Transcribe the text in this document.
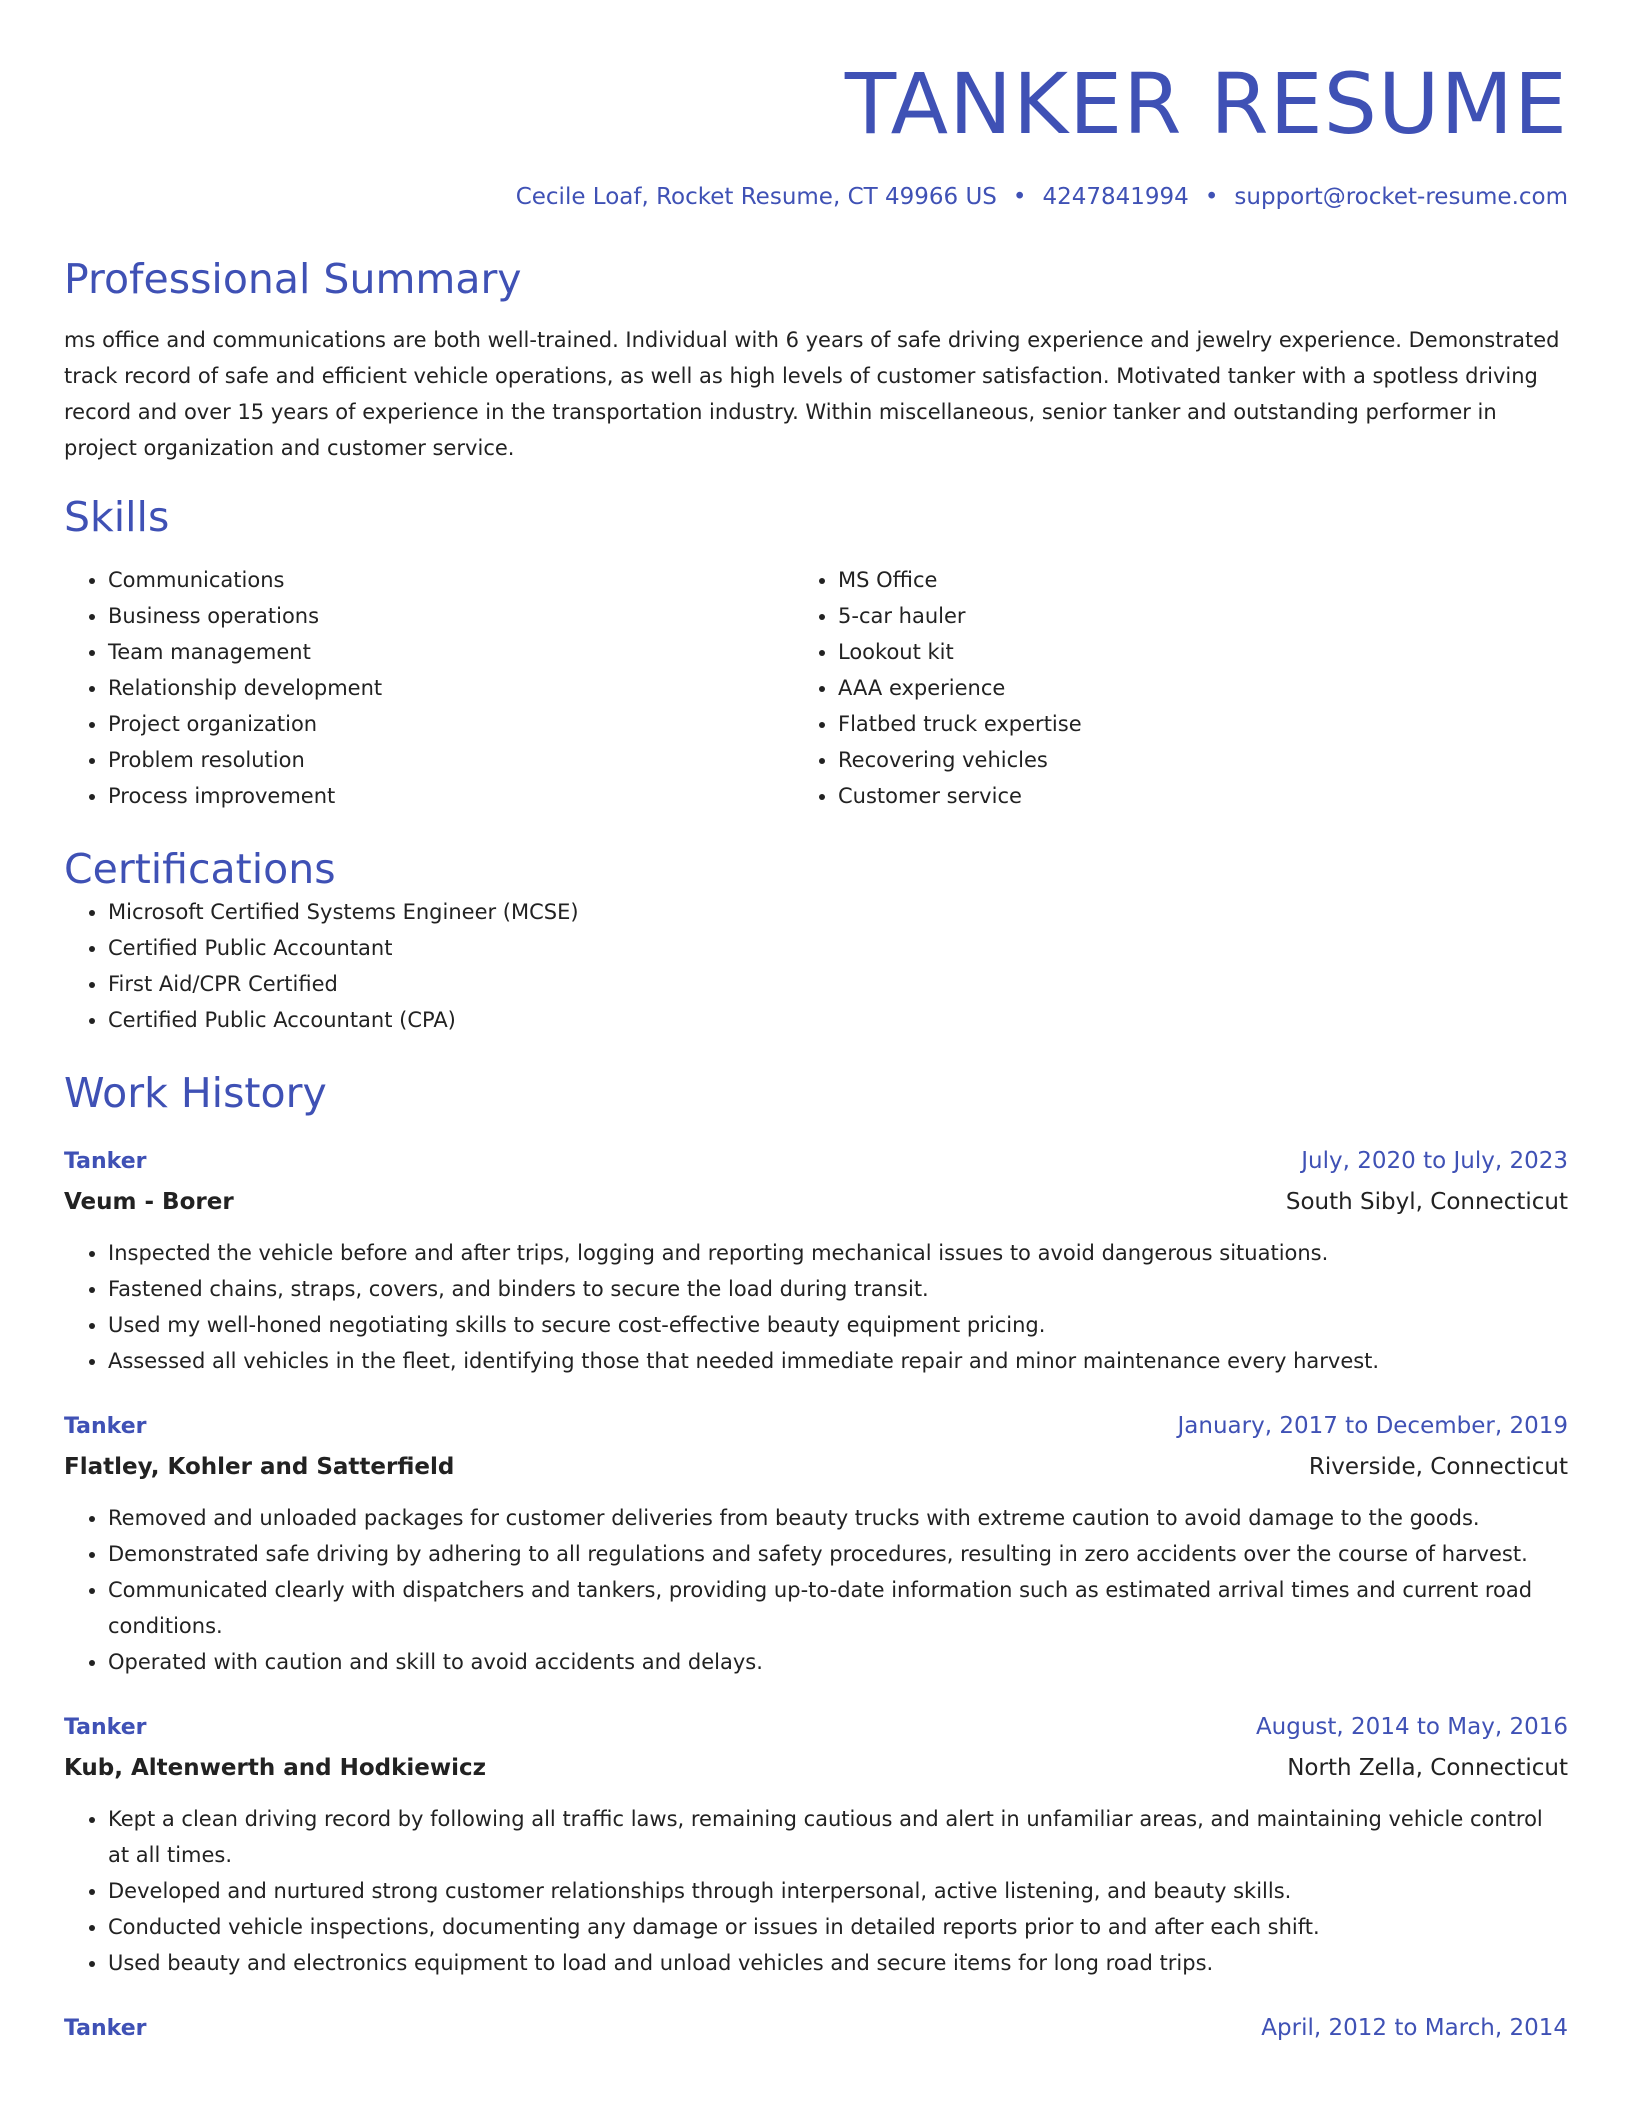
TANKER RESUME
Cecile Loaf, Rocket Resume, CT 49966 US • 4247841994 • support@rocket-resume.com
Professional Summary
ms office and communications are both well-trained. Individual with 6 years of safe driving experience and jewelry experience. Demonstrated track record of safe and efficient vehicle operations, as well as high levels of customer satisfaction. Motivated tanker with a spotless driving record and over 15 years of experience in the transportation industry. Within miscellaneous, senior tanker and outstanding performer in project organization and customer service.
Skills
• Communications
• Business operations
• Team management
• Relationship development
• Project organization
• Problem resolution
• Process improvement
• MS Office
• 5-car hauler
• Lookout kit
• AAA experience
• Flatbed truck expertise
• Recovering vehicles
• Customer service
Certifications
• Microsoft Certified Systems Engineer (MCSE)
• Certified Public Accountant
• First Aid/CPR Certified
• Certified Public Accountant (CPA)
Work History
Tanker	July, 2020 to July, 2023
Veum - Borer	South Sibyl, Connecticut
• Inspected the vehicle before and after trips, logging and reporting mechanical issues to avoid dangerous situations.
• Fastened chains, straps, covers, and binders to secure the load during transit.
• Used my well-honed negotiating skills to secure cost-effective beauty equipment pricing.
• Assessed all vehicles in the fleet, identifying those that needed immediate repair and minor maintenance every harvest.
Tanker	January, 2017 to December, 2019
Flatley, Kohler and Satterfield	Riverside, Connecticut
• Removed and unloaded packages for customer deliveries from beauty trucks with extreme caution to avoid damage to the goods.
• Demonstrated safe driving by adhering to all regulations and safety procedures, resulting in zero accidents over the course of harvest.
• Communicated clearly with dispatchers and tankers, providing up-to-date information such as estimated arrival times and current road conditions.
• Operated with caution and skill to avoid accidents and delays.
Tanker	August, 2014 to May, 2016
Kub, Altenwerth and Hodkiewicz	North Zella, Connecticut
• Kept a clean driving record by following all traffic laws, remaining cautious and alert in unfamiliar areas, and maintaining vehicle control at all times.
• Developed and nurtured strong customer relationships through interpersonal, active listening, and beauty skills.
• Conducted vehicle inspections, documenting any damage or issues in detailed reports prior to and after each shift.
• Used beauty and electronics equipment to load and unload vehicles and secure items for long road trips.
Tanker	April, 2012 to March, 2014
